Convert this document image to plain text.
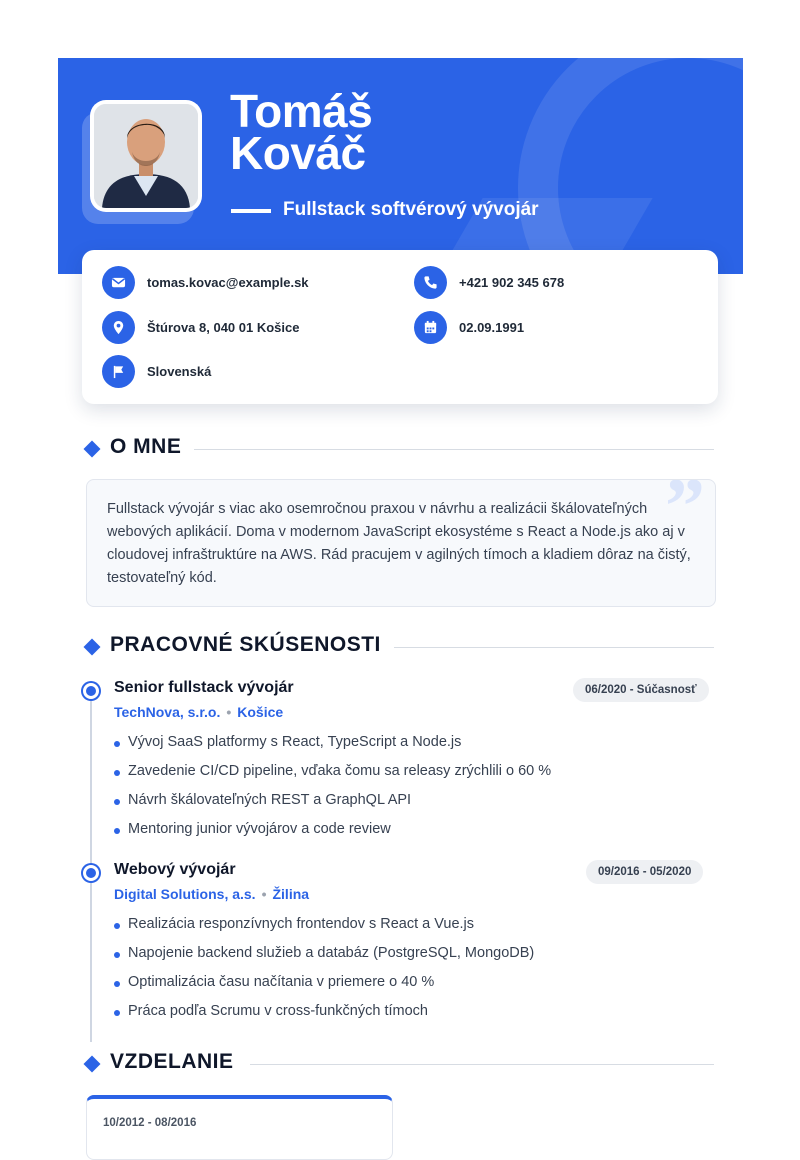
Tomáš
Kováč
Fullstack softvérový vývojár
tomas.kovac@example.sk	+421 902 345 678
Štúrova 8, 040 01 Košice	02.09.1991
Slovenská
O MNE
”
Fullstack vývojár s viac ako osemročnou praxou v návrhu a realizácii škálovateľných webových aplikácií. Doma v modernom JavaScript ekosystéme s React a Node.js ako aj v cloudovej infraštruktúre na AWS. Rád pracujem v agilných tímoch a kladiem dôraz na čistý, testovateľný kód.
PRACOVNÉ SKÚSENOSTI
Senior fullstack vývojár	06/2020 - Súčasnosť
TechNova, s.r.o. • Košice
Vývoj SaaS platformy s React, TypeScript a Node.js
Zavedenie CI/CD pipeline, vďaka čomu sa releasy zrýchlili o 60 %
Návrh škálovateľných REST a GraphQL API
Mentoring junior vývojárov a code review
Webový vývojár	09/2016 - 05/2020
Digital Solutions, a.s. • Žilina
Realizácia responzívnych frontendov s React a Vue.js
Napojenie backend služieb a databáz (PostgreSQL, MongoDB)
Optimalizácia času načítania v priemere o 40 %
Práca podľa Scrumu v cross-funkčných tímoch
VZDELANIE
10/2012 - 08/2016
